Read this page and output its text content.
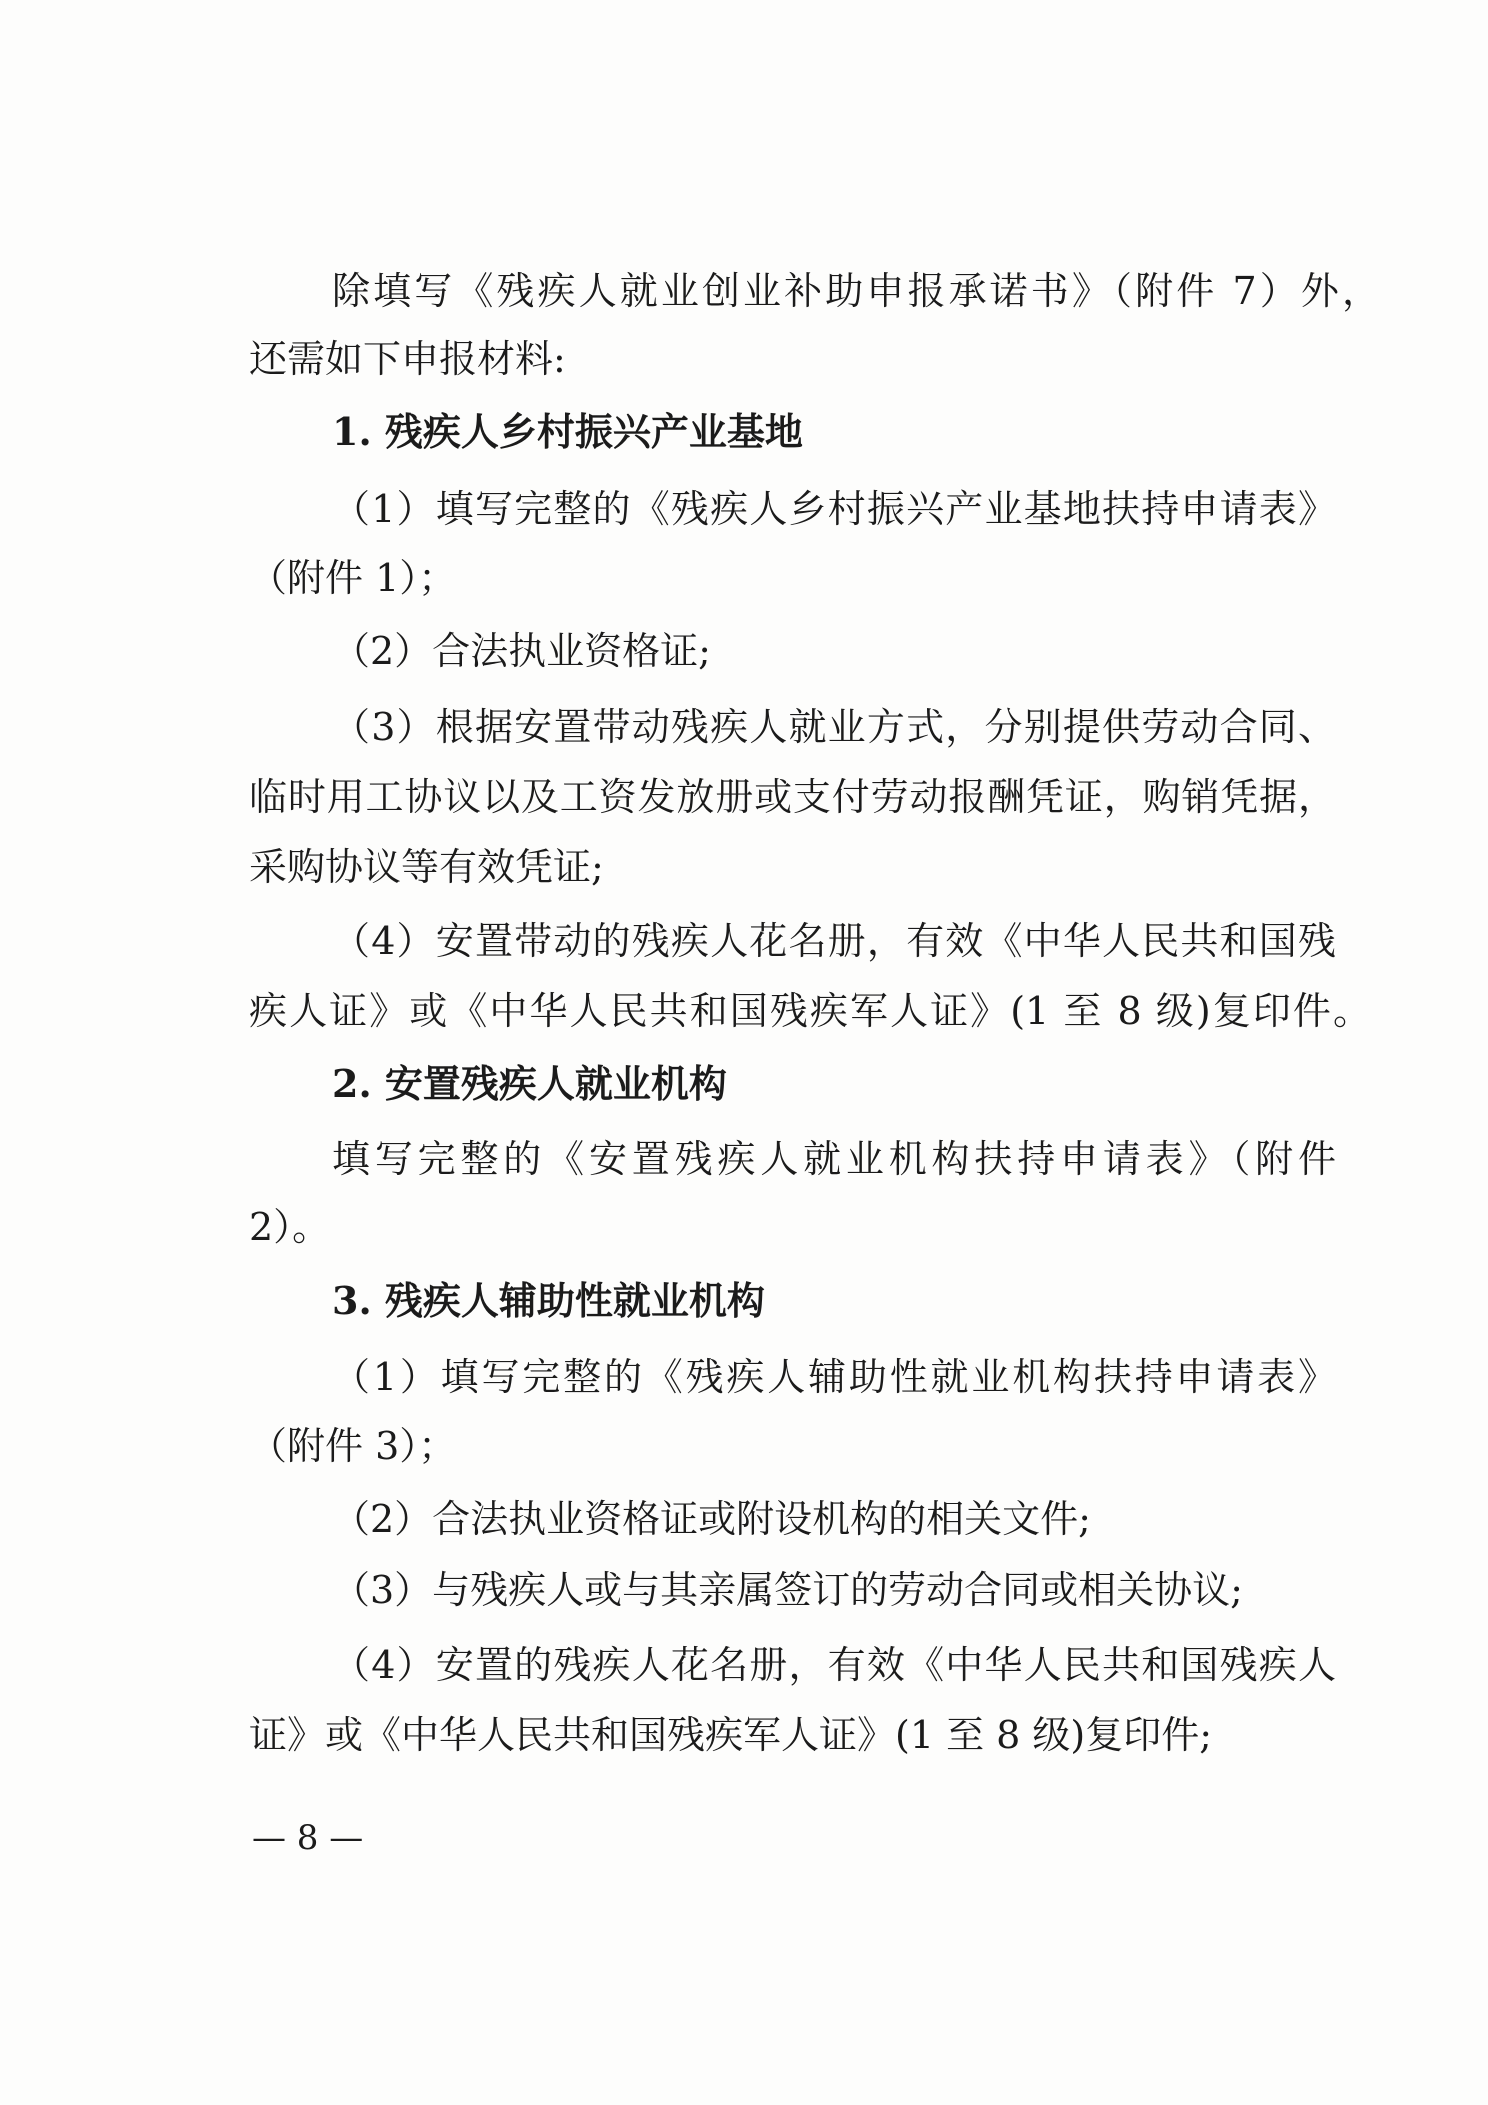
除填写《残疾人就业创业补助申报承诺书》（附件 7）外，

还需如下申报材料:

1. 残疾人乡村振兴产业基地

（1）填写完整的《残疾人乡村振兴产业基地扶持申请表》

（附件 1）；

（2）合法执业资格证;

（3）根据安置带动残疾人就业方式，分别提供劳动合同、

临时用工协议以及工资发放册或支付劳动报酬凭证，购销凭据，

采购协议等有效凭证;

（4）安置带动的残疾人花名册，有效《中华人民共和国残

疾人证》或《中华人民共和国残疾军人证》(1 至 8 级)复印件。

2. 安置残疾人就业机构

填写完整的《安置残疾人就业机构扶持申请表》（附件

2）。

3. 残疾人辅助性就业机构

（1）填写完整的《残疾人辅助性就业机构扶持申请表》

（附件 3）；

（2）合法执业资格证或附设机构的相关文件;

（3）与残疾人或与其亲属签订的劳动合同或相关协议;

（4）安置的残疾人花名册，有效《中华人民共和国残疾人

证》或《中华人民共和国残疾军人证》(1 至 8 级)复印件;

— 8 —
